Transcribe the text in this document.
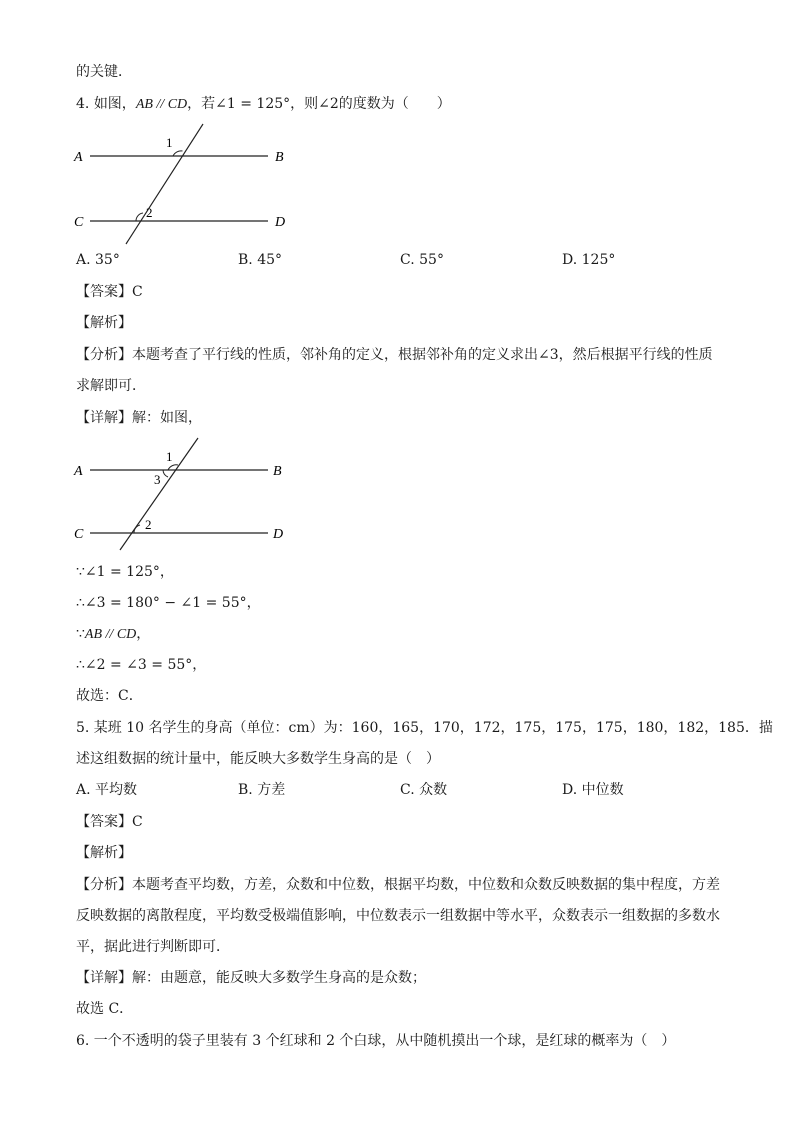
的关键．
4. 如图，AB // CD，若∠1 = 125°，则∠2的度数为（　　）
A	B
C	D
1
2
A. 35°	B. 45°	C. 55°	D. 125°
【答案】C
【解析】
【分析】本题考查了平行线的性质，邻补角的定义，根据邻补角的定义求出∠3，然后根据平行线的性质
求解即可．
【详解】解：如图，
A	B
C	D
1
3
2
∵∠1 = 125°，
∴∠3 = 180° − ∠1 = 55°，
∵AB // CD，
∴∠2 = ∠3 = 55°，
故选：C．
5. 某班 10 名学生的身高（单位：cm）为：160，165，170，172，175，175，175，180，182，185．描
述这组数据的统计量中，能反映大多数学生身高的是（　）
A. 平均数	B. 方差	C. 众数	D. 中位数
【答案】C
【解析】
【分析】本题考查平均数，方差，众数和中位数，根据平均数，中位数和众数反映数据的集中程度，方差
反映数据的离散程度，平均数受极端值影响，中位数表示一组数据中等水平，众数表示一组数据的多数水
平，据此进行判断即可．
【详解】解：由题意，能反映大多数学生身高的是众数；
故选 C．
6. 一个不透明的袋子里装有 3 个红球和 2 个白球，从中随机摸出一个球，是红球的概率为（　）
